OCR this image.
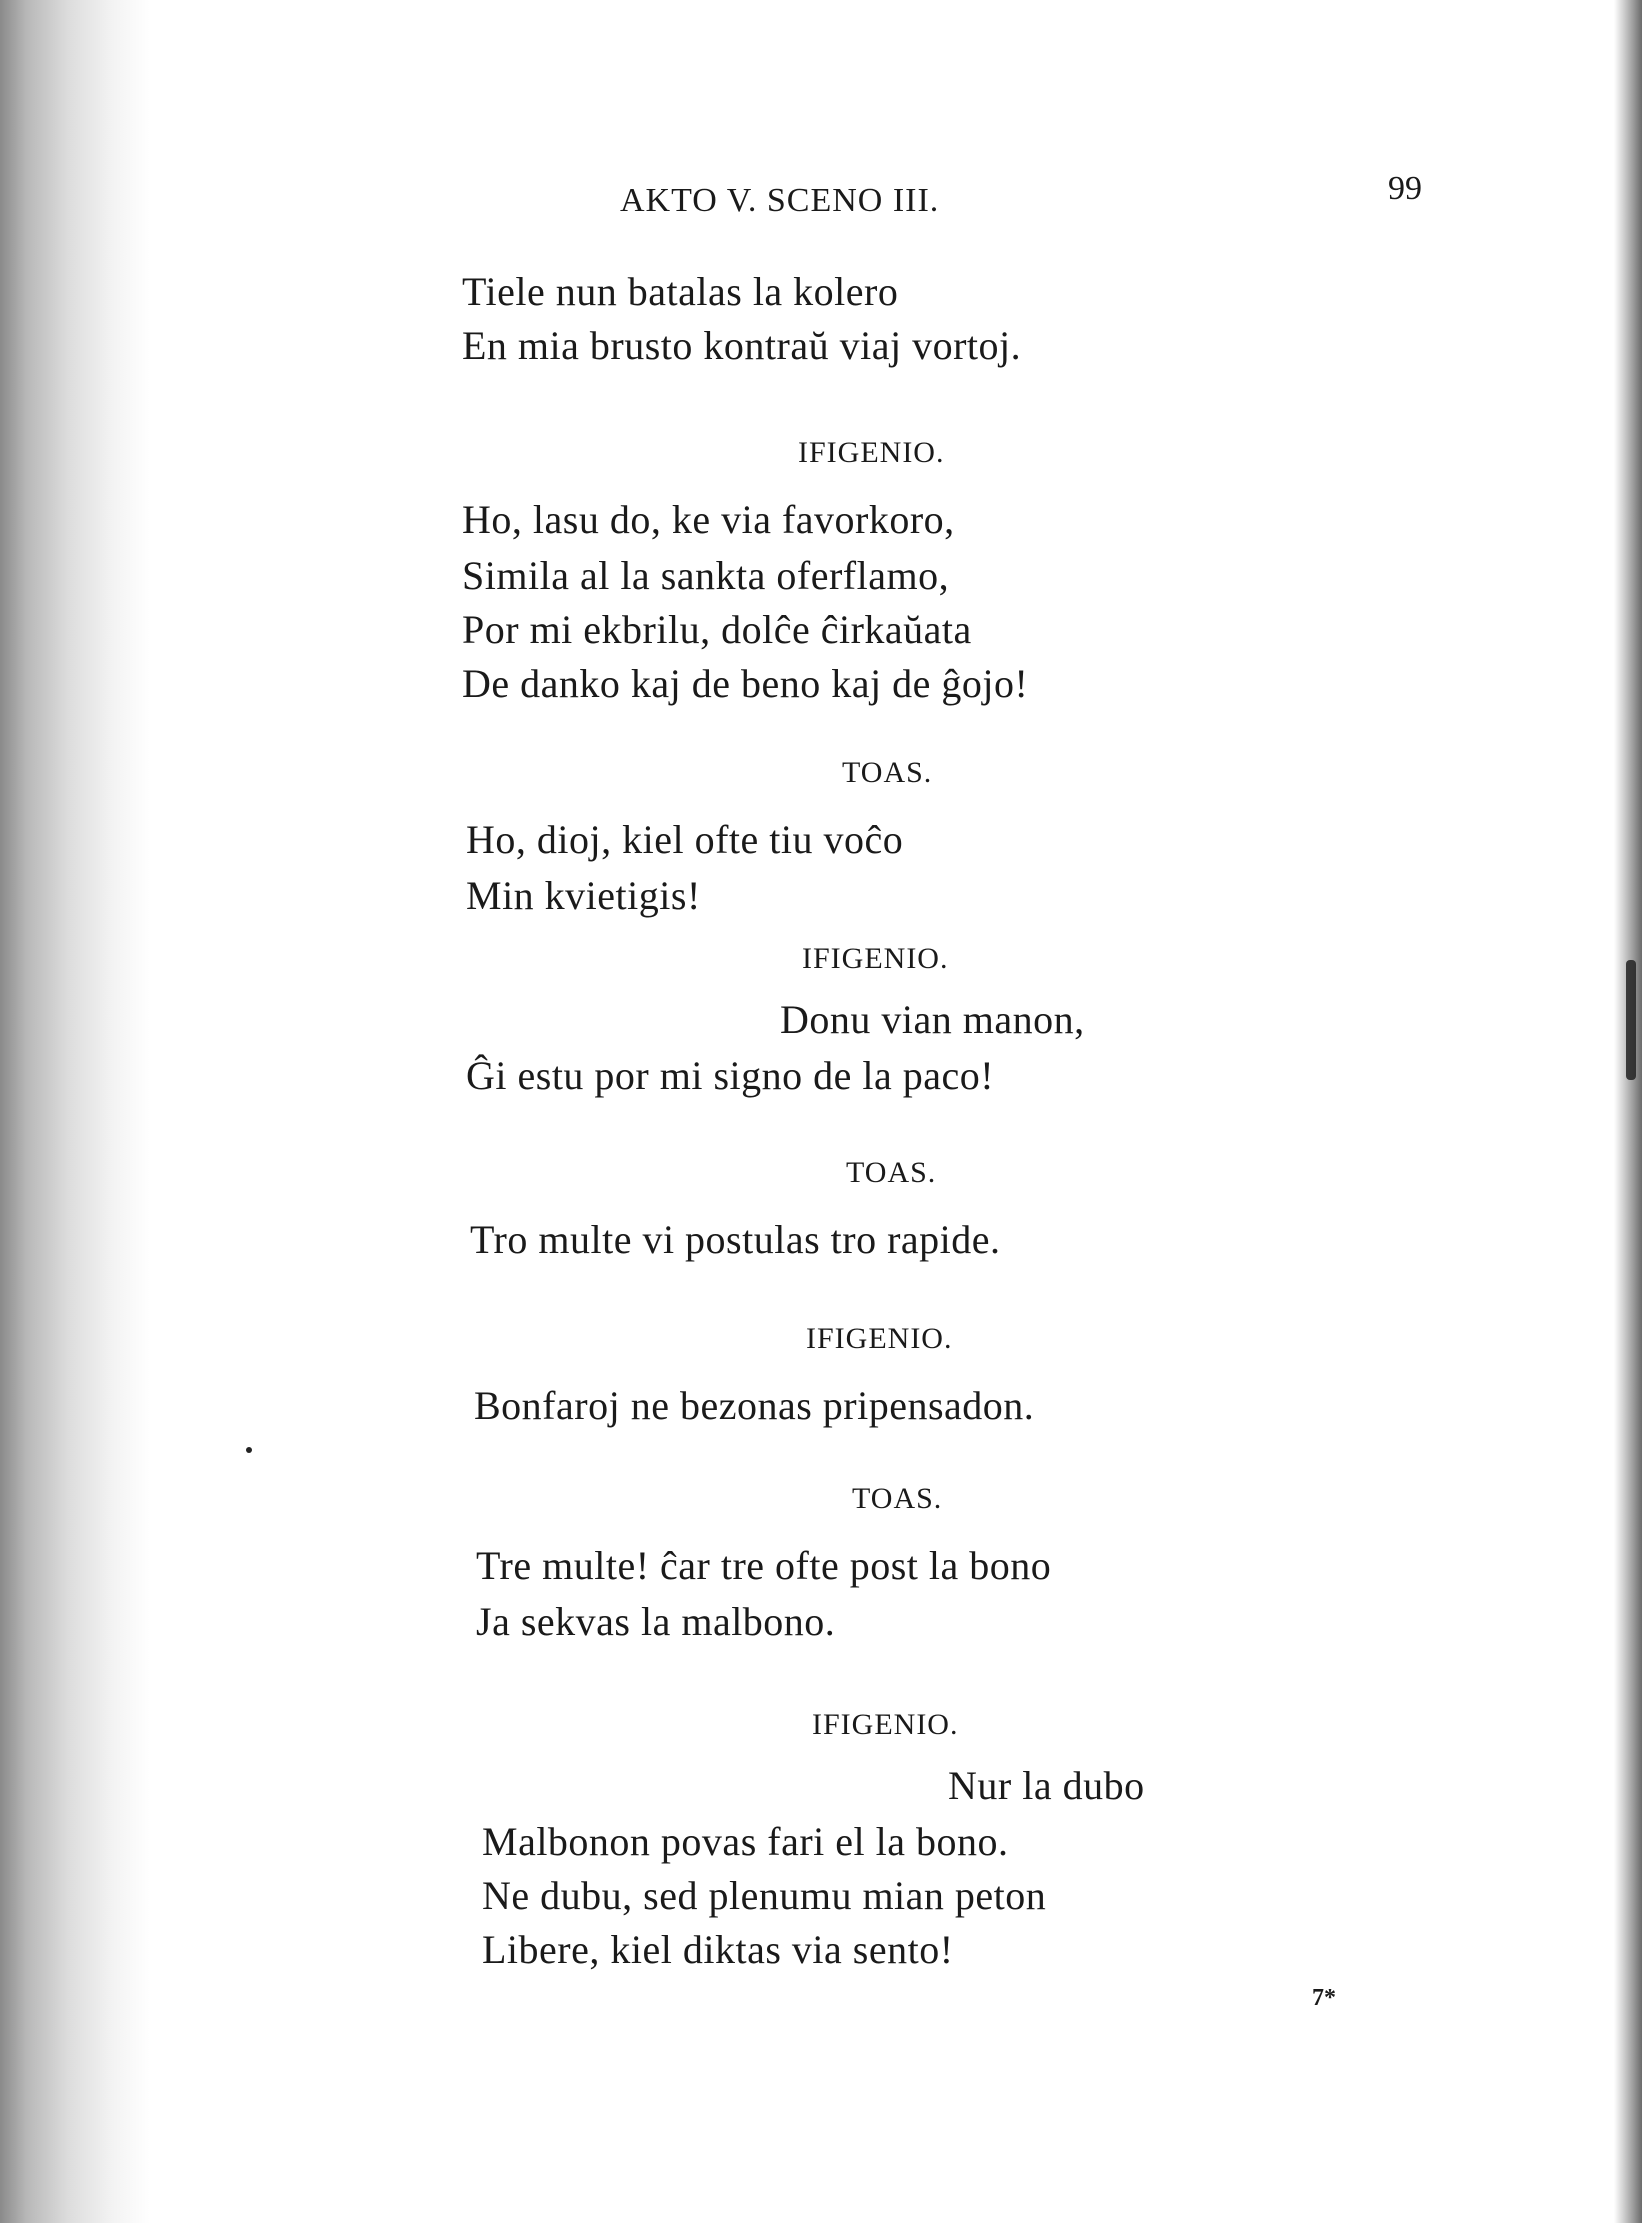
AKTO V. SCENO III.	99
Tiele nun batalas la kolero
En mia brusto kontraŭ viaj vortoj.
IFIGENIO.
Ho, lasu do, ke via favorkoro,
Simila al la sankta oferflamo,
Por mi ekbrilu, dolĉe ĉirkaŭata
De danko kaj de beno kaj de ĝojo!
TOAS.
Ho, dioj, kiel ofte tiu voĉo
Min kvietigis!
IFIGENIO.
Donu vian manon,
Ĝi estu por mi signo de la paco!
TOAS.
Tro multe vi postulas tro rapide.
IFIGENIO.
Bonfaroj ne bezonas pripensadon.
TOAS.
Tre multe! ĉar tre ofte post la bono
Ja sekvas la malbono.
IFIGENIO.
Nur la dubo
Malbonon povas fari el la bono.
Ne dubu, sed plenumu mian peton
Libere, kiel diktas via sento!
7*
